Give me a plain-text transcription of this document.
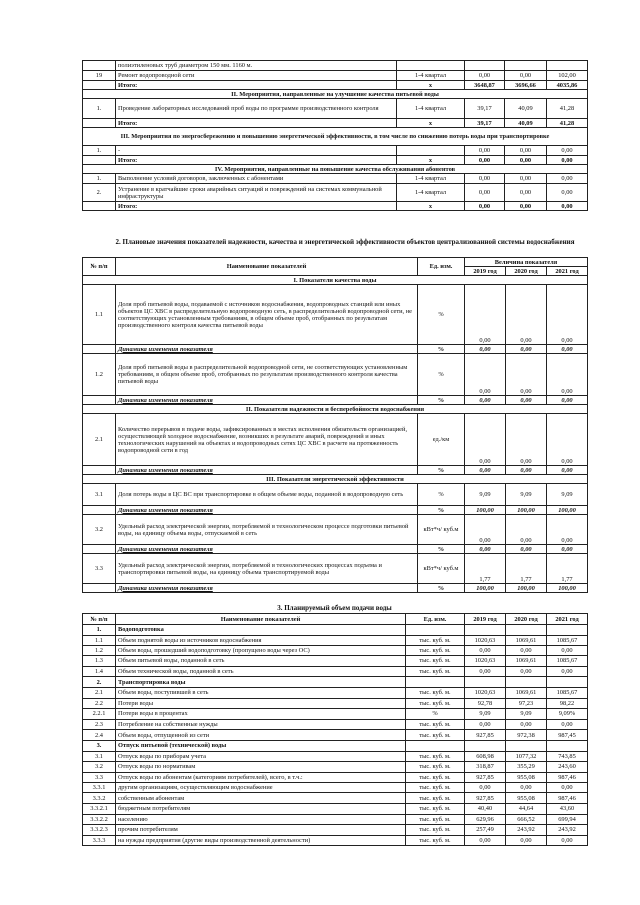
	полиэтиленовых труб диаметром 150 мм. 1160 м.				
19	Ремонт водопроводной сети	1-4 квартал	0,00	0,00	102,00
	Итого:	х	3648,87	3696,66	4035,86
II. Мероприятия, направленные на улучшение качества питьевой воды					
1.	Проведение лабораторных исследований проб воды по программе производственного контроля	1-4 квартал	39,17	40,09	41,28
	Итого:	х	39,17	40,09	41,28
III. Мероприятия по энергосбережению и повышению энергетической эффективности, в том числе по снижению потерь воды при транспортировке					
1.	-		0,00	0,00	0,00
	Итого:	х	0,00	0,00	0,00
IV. Мероприятия, направленные на повышение качества обслуживания абонентов					
1.	Выполнение условий договоров, заключенных с абонентами	1-4 квартал	0,00	0,00	0,00
2.	Устранение в кратчайшие сроки аварийных ситуаций и повреждений на системах коммунальной инфраструктуры	1-4 квартал	0,00	0,00	0,00
	Итого:	х	0,00	0,00	0,00
2. Плановые значения показателей надежности, качества и энергетической эффективности объектов централизованной системы водоснабжения
№ п/п	Наименование показателей	Ед. изм.	Величина показателя		
			2019 год	2020 год	2021 год
I. Показатели качества воды					
1.1	Доля проб питьевой воды, подаваемой с источников водоснабжения, водопроводных станций или иных объектов ЦС ХВС в распределительную водопроводную сеть, в распределительной водопроводной сети, не соответствующих установленным требованиям, в общем объеме проб, отобранных по результатам производственного контроля качества питьевой воды	%	0,00	0,00	0,00
	Динамика изменения показателя	%	0,00	0,00	0,00
1.2	Доля проб питьевой воды в распределительной водопроводной сети, не соответствующих установленным требованиям, в общем объеме проб, отобранных по результатам производственного контроля качества питьевой воды	%	0,00	0,00	0,00
	Динамика изменения показателя	%	0,00	0,00	0,00
II. Показатели надежности и бесперебойности водоснабжения					
2.1	Количество перерывов в подаче воды, зафиксированных в местах исполнения обязательств организацией, осуществляющей холодное водоснабжение, возникших в результате аварий, повреждений и иных технологических нарушений на объектах и водопроводных сетях ЦС ХВС в расчете на протяженность водопроводной сети в год	ед./км	0,00	0,00	0,00
	Динамика изменения показателя	%	0,00	0,00	0,00
III. Показатели энергетической эффективности					
3.1	Доля потерь воды в ЦС ВС при транспортировке в общем объеме воды, поданной в водопроводную сеть	%	9,09	9,09	9,09
	Динамика изменения показателя	%	100,00	100,00	100,00
3.2	Удельный расход электрической энергии, потребляемой в технологическом процессе подготовки питьевой воды, на единицу объема воды, отпускаемой в сеть	кВт*ч/ куб.м	0,00	0,00	0,00
	Динамика изменения показателя	%	0,00	0,00	0,00
3.3	Удельный расход электрической энергии, потребляемой в технологических процессах подъема и транспортировки питьевой воды, на единицу объема транспортируемой воды	кВт*ч/ куб.м	1,77	1,77	1,77
	Динамика изменения показателя	%	100,00	100,00	100,00
3. Планируемый объем подачи воды
№ п/п	Наименование показателей	Ед. изм.	2019 год	2020 год	2021 год
1.	Водоподготовка				
1.1	Объем поднятой воды из источников водоснабжения	тыс. куб. м.	1020,63	1069,61	1085,67
1.2	Объем воды, прошедший водоподготовку (пропущено воды через ОС)	тыс. куб. м.	0,00	0,00	0,00
1.3	Объем питьевой воды, поданной в сеть	тыс. куб. м.	1020,63	1069,61	1085,67
1.4	Объем технической воды, поданной в сеть	тыс. куб. м.	0,00	0,00	0,00
2.	Транспортировка воды				
2.1	Объем воды, поступившей в сеть	тыс. куб. м.	1020,63	1069,61	1085,67
2.2	Потери воды	тыс. куб. м.	92,78	97,23	98,22
2.2.1	Потери воды в процентах	%	9,09	9,09	9,09%
2.3	Потребление на собственные нужды	тыс. куб. м.	0,00	0,00	0,00
2.4	Объем воды, отпущенной из сети	тыс. куб. м.	927,85	972,38	987,45
3.	Отпуск питьевой (технической) воды				
3.1	Отпуск воды по приборам учета	тыс. куб. м.	608,98	1077,32	743,85
3.2	Отпуск воды по нормативам	тыс. куб. м.	318,87	355,29	243,60
3.3	Отпуск воды по абонентам (категориям потребителей), всего, в т.ч.:	тыс. куб. м.	927,85	955,08	987,46
3.3.1	другим организациям, осуществляющим водоснабжение	тыс. куб. м.	0,00	0,00	0,00
3.3.2	собственным абонентам	тыс. куб. м.	927,85	955,08	987,46
3.3.2.1	бюджетным потребителям	тыс. куб. м.	40,40	44,64	43,60
3.3.2.2	населению	тыс. куб. м.	629,96	666,52	699,94
3.3.2.3	прочим потребителям	тыс. куб. м.	257,49	243,92	243,92
3.3.3	на нужды предприятия (другие виды производственной деятельности)	тыс. куб. м.	0,00	0,00	0,00
